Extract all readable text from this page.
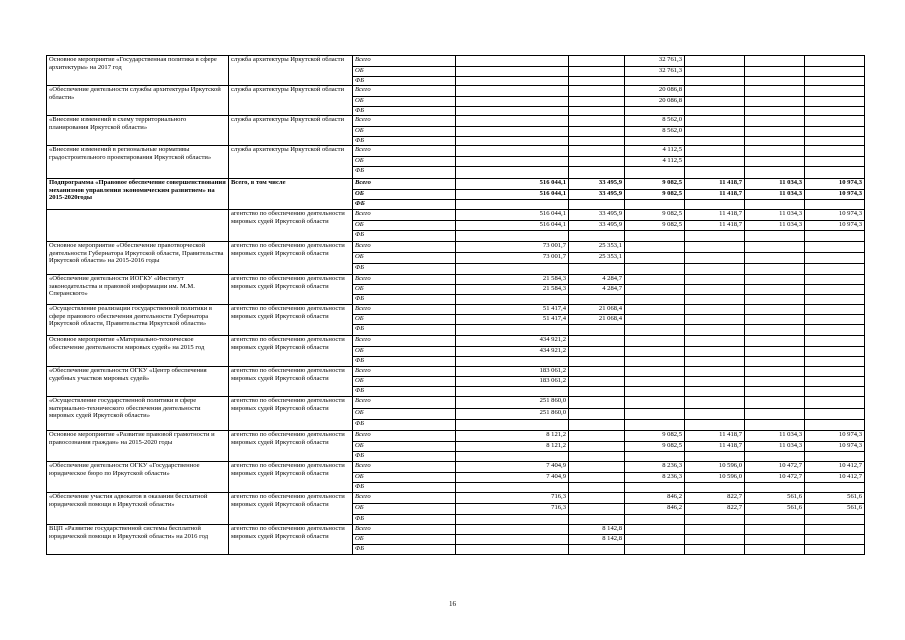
Основное мероприятие «Государственная политика в сфере архитектуры» на 2017 год	служба архитектуры Иркутской области	Всего			32 761,3			
		ОБ			32 761,3			
		ФБ						
«Обеспечение деятельности службы архитектуры Иркутской области»	служба архитектуры Иркутской области	Всего			20 086,8			
		ОБ			20 086,8			
		ФБ						
«Внесение изменений в схему территориального планирования Иркутской области»	служба архитектуры Иркутской области	Всего			8 562,0			
		ОБ			8 562,0			
		ФБ						
«Внесение изменений в региональные нормативы градостроительного проектирования Иркутской области»	служба архитектуры Иркутской области	Всего			4 112,5			
		ОБ			4 112,5			
		ФБ						
Подпрограмма «Правовое обеспечение совершенствования механизмов управления экономическим развитием» на 2015-2020годы	Всего, в том числе	Всего	516 044,1	33 495,9	9 082,5	11 418,7	11 034,3	10 974,3
		ОБ	516 044,1	33 495,9	9 082,5	11 418,7	11 034,3	10 974,3
		ФБ						
	агентство по обеспечению деятельности мировых судей Иркутской области	Всего	516 044,1	33 495,9	9 082,5	11 418,7	11 034,3	10 974,3
		ОБ	516 044,1	33 495,9	9 082,5	11 418,7	11 034,3	10 974,3
		ФБ						
Основное мероприятие «Обеспечение правотворческой деятельности Губернатора Иркутской области, Правительства Иркутской области» на 2015-2016 годы	агентство по обеспечению деятельности мировых судей Иркутской области	Всего	73 001,7	25 353,1				
		ОБ	73 001,7	25 353,1				
		ФБ						
«Обеспечение деятельности ИОГКУ «Институт законодательства и правовой информации им. М.М. Сперанского»	агентство по обеспечению деятельности мировых судей Иркутской области	Всего	21 584,3	4 284,7				
		ОБ	21 584,3	4 284,7				
		ФБ						
«Осуществление реализации государственной политики в сфере правового обеспечения деятельности Губернатора Иркутской области, Правительства Иркутской области»	агентство по обеспечению деятельности мировых судей Иркутской области	Всего	51 417,4	21 068,4				
		ОБ	51 417,4	21 068,4				
		ФБ						
Основное мероприятие «Материально-техническое обеспечение деятельности мировых судей» на 2015 год	агентство по обеспечению деятельности мировых судей Иркутской области	Всего	434 921,2					
		ОБ	434 921,2					
		ФБ						
«Обеспечение деятельности ОГКУ «Центр обеспечения судебных участков мировых судей»	агентство по обеспечению деятельности мировых судей Иркутской области	Всего	183 061,2					
		ОБ	183 061,2					
		ФБ						
«Осуществление государственной политики в сфере материально-технического обеспечения деятельности мировых судей Иркутской области»	агентство по обеспечению деятельности мировых судей Иркутской области	Всего	251 860,0					
		ОБ	251 860,0					
		ФБ						
Основное мероприятие «Развитие правовой грамотности и правосознания граждан» на 2015-2020 годы	агентство по обеспечению деятельности мировых судей Иркутской области	Всего	8 121,2		9 082,5	11 418,7	11 034,3	10 974,3
		ОБ	8 121,2		9 082,5	11 418,7	11 034,3	10 974,3
		ФБ						
«Обеспечение деятельности ОГКУ «Государственное юридическое бюро по Иркутской области»	агентство по обеспечению деятельности мировых судей Иркутской области	Всего	7 404,9		8 236,3	10 596,0	10 472,7	10 412,7
		ОБ	7 404,9		8 236,3	10 596,0	10 472,7	10 412,7
		ФБ						
«Обеспечение участия адвокатов в оказании бесплатной юридической помощи в Иркутской области»	агентство по обеспечению деятельности мировых судей Иркутской области	Всего	716,3		846,2	822,7	561,6	561,6
		ОБ	716,3		846,2	822,7	561,6	561,6
		ФБ						
ВЦП «Развитие государственной системы бесплатной юридической помощи в Иркутской области» на 2016 год	агентство по обеспечению деятельности мировых судей Иркутской области	Всего		8 142,8				
		ОБ		8 142,8				
		ФБ						
16
